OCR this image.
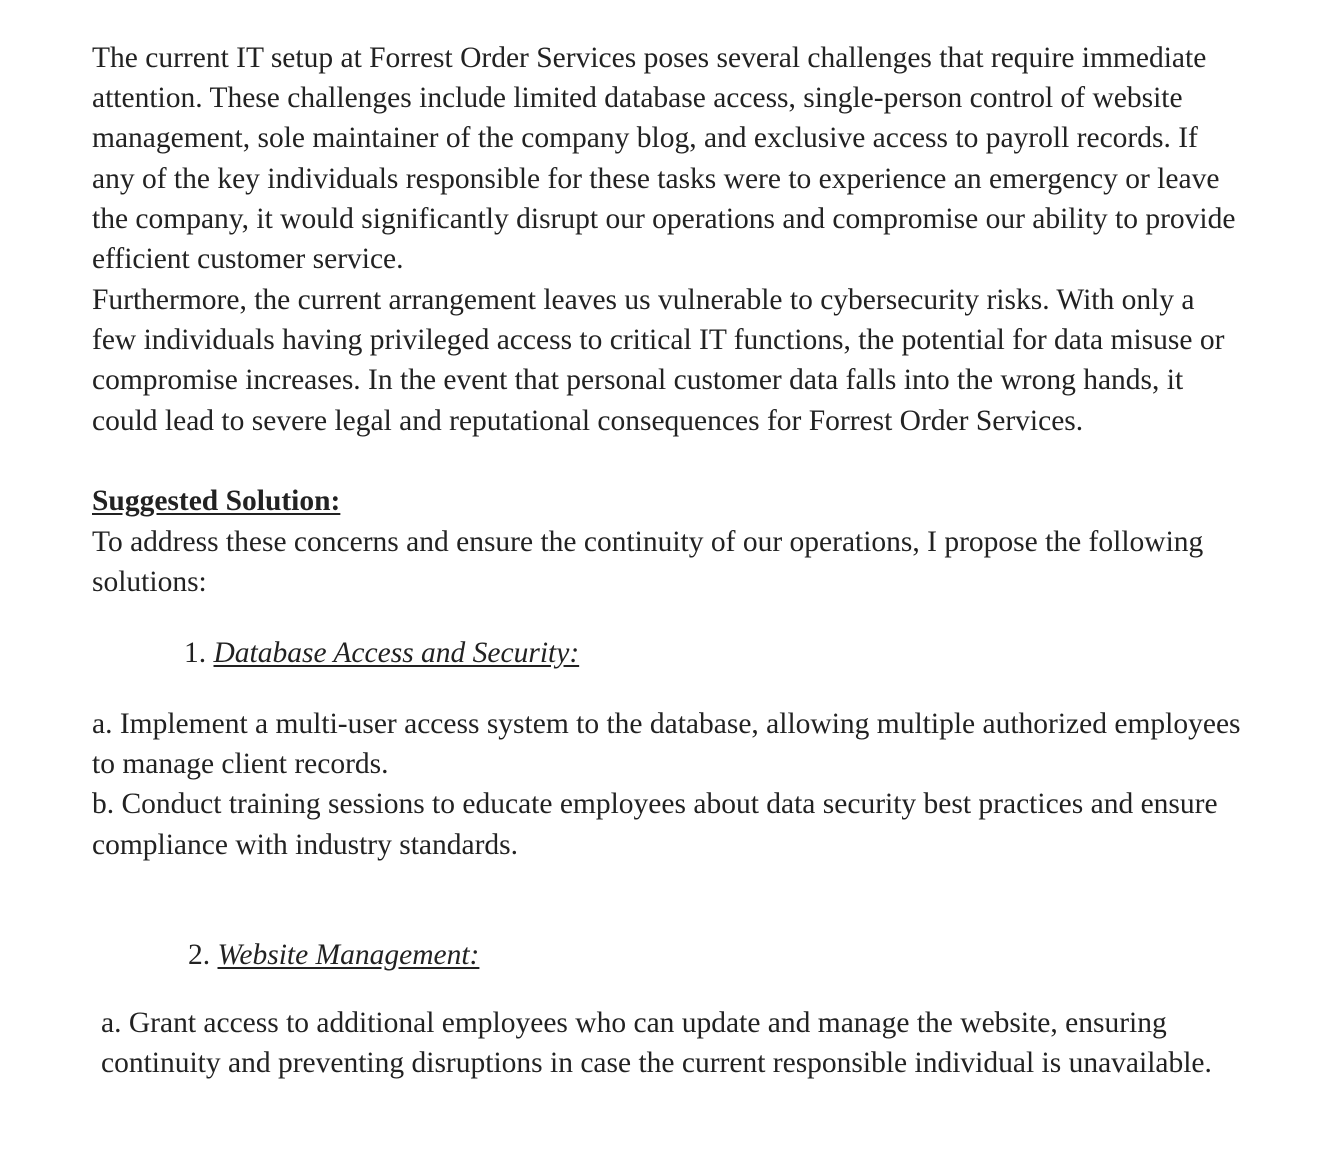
The current IT setup at Forrest Order Services poses several challenges that require immediate
attention. These challenges include limited database access, single-person control of website
management, sole maintainer of the company blog, and exclusive access to payroll records. If
any of the key individuals responsible for these tasks were to experience an emergency or leave
the company, it would significantly disrupt our operations and compromise our ability to provide
efficient customer service.

Furthermore, the current arrangement leaves us vulnerable to cybersecurity risks. With only a
few individuals having privileged access to critical IT functions, the potential for data misuse or
compromise increases. In the event that personal customer data falls into the wrong hands, it
could lead to severe legal and reputational consequences for Forrest Order Services.

Suggested Solution:

To address these concerns and ensure the continuity of our operations, I propose the following
solutions:

1. Database Access and Security:

a. Implement a multi-user access system to the database, allowing multiple authorized employees
to manage client records.
b. Conduct training sessions to educate employees about data security best practices and ensure
compliance with industry standards.

2. Website Management:

a. Grant access to additional employees who can update and manage the website, ensuring
continuity and preventing disruptions in case the current responsible individual is unavailable.
